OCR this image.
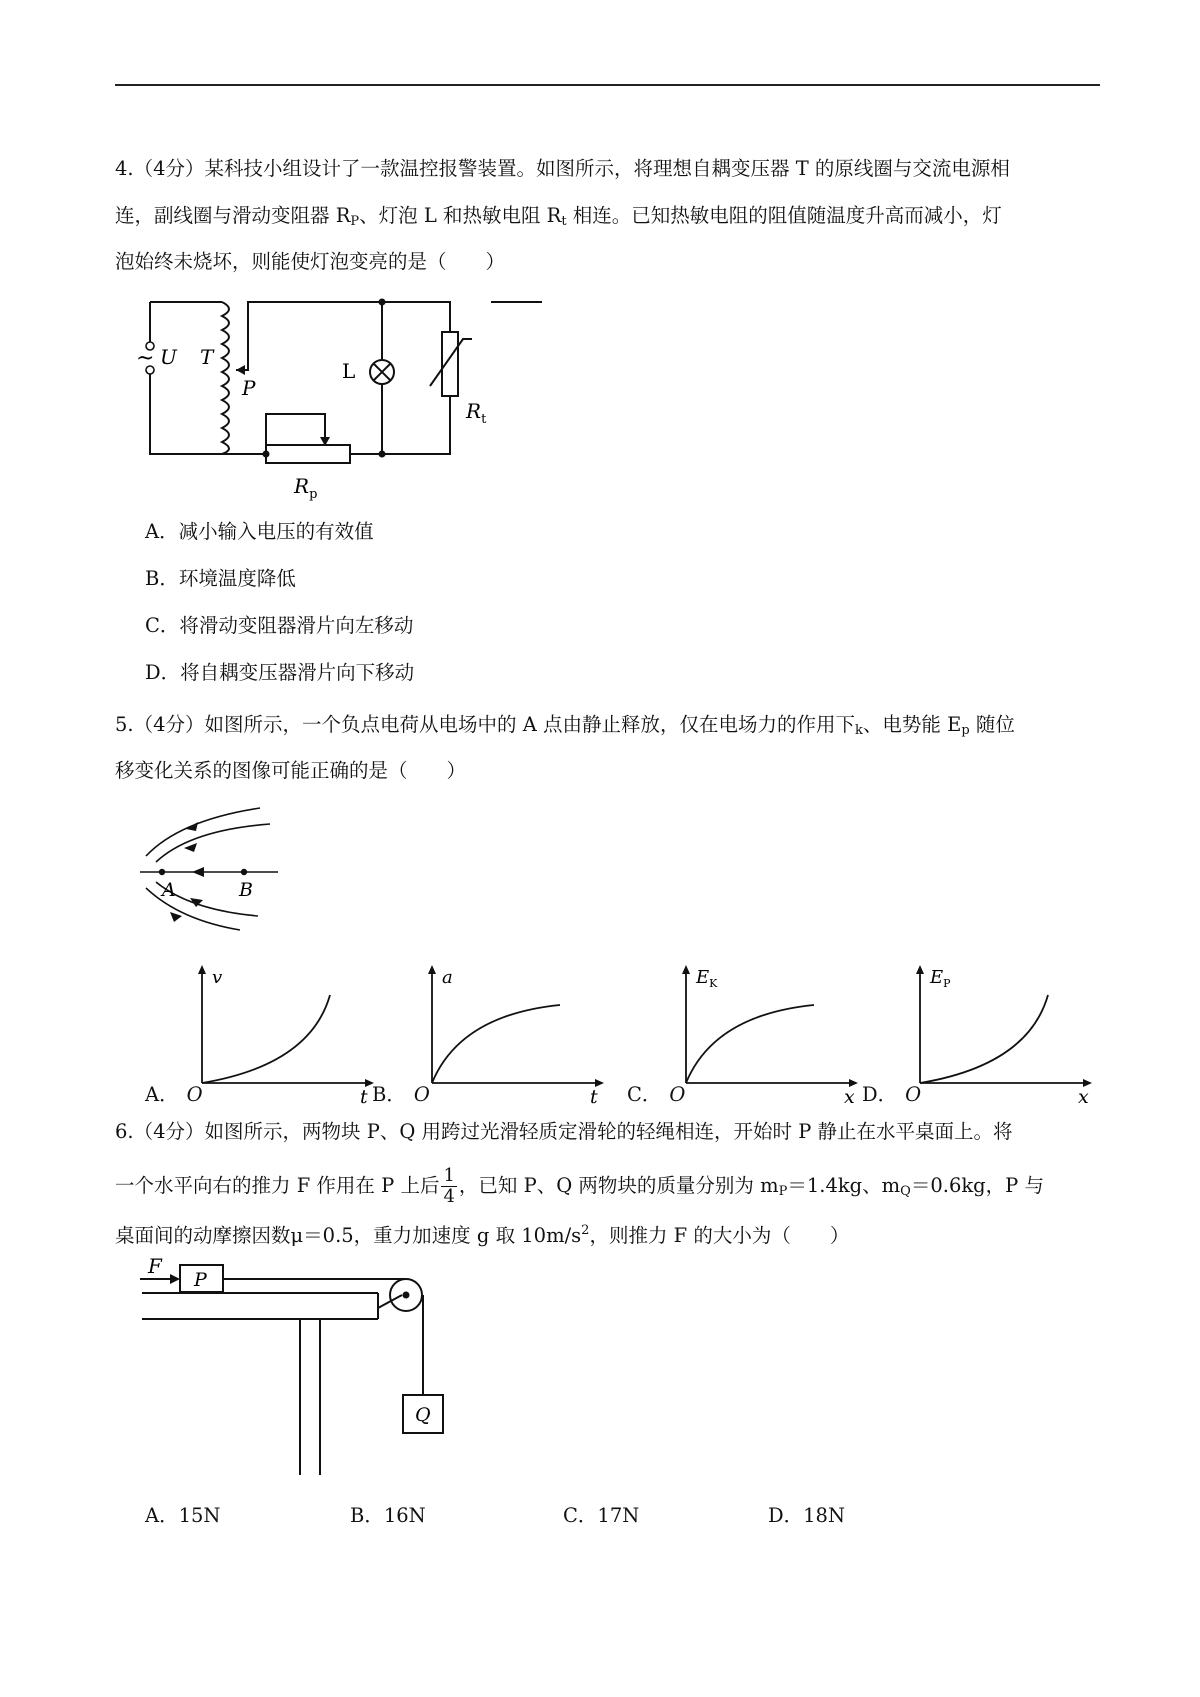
4.（4分）某科技小组设计了一款温控报警装置。如图所示，将理想自耦变压器 T 的原线圈与交流电源相
连，副线圈与滑动变阻器 $R_P$、灯泡 L 和热敏电阻 $R_t$ 相连。已知热敏电阻的阻值随温度升高而减小，灯
泡始终未烧坏，则能使灯泡变亮的是（　　）
~ U T
P
L
$R_t$
$R_p$
A．减小输入电压的有效值
B．环境温度降低
C．将滑动变阻器滑片向左移动
D．将自耦变压器滑片向下移动
5.（4分）如图所示，一个负点电荷从电场中的 A 点由静止释放，仅在电场力的作用下$_k$、电势能 $E_p$ 随位
移变化关系的图像可能正确的是（　　）
A	B
v
t
A． O
a
t
B． O
$E_K$
x
C． O
$E_P$
x
D． O
6.（4分）如图所示，两物块 P、Q 用跨过光滑轻质定滑轮的轻绳相连，开始时 P 静止在水平桌面上。将
一个水平向右的推力 F 作用在 P 上后 $\frac{1}{4}$ ，已知 P、Q 两物块的质量分别为 $m_P=1.4kg$、$m_Q=0.6kg$，P 与
桌面间的动摩擦因数μ＝0.5，重力加速度 g 取 $10m/s^2$，则推力 F 的大小为（　　）
F
P
Q
A．15N	B．16N	C．17N	D．18N
